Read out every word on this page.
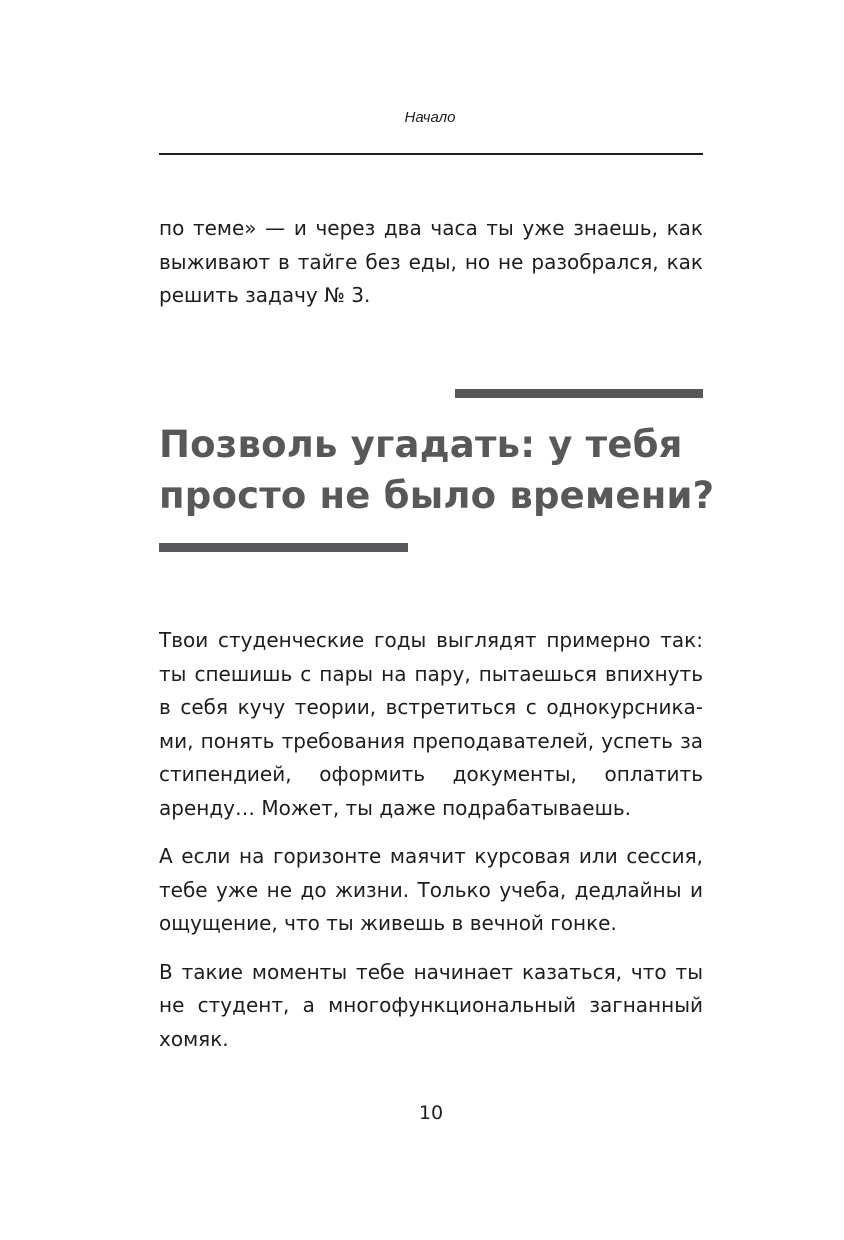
Начало

по теме» — и через два часа ты уже знаешь, как выживают в тайге без еды, но не разобрался, как решить задачу № 3.

Позволь угадать: у тебя
просто не было времени?

Твои студенческие годы выглядят примерно так: ты спешишь с пары на пару, пытаешься впихнуть в себя кучу теории, встретиться с однокурсниками, понять требования преподавателей, успеть за стипендией, оформить документы, оплатить аренду… Может, ты даже подрабатываешь.

А если на горизонте маячит курсовая или сессия, тебе уже не до жизни. Только учеба, дедлайны и ощущение, что ты живешь в вечной гонке.

В такие моменты тебе начинает казаться, что ты не студент, а многофункциональный загнанный хомяк.

10
